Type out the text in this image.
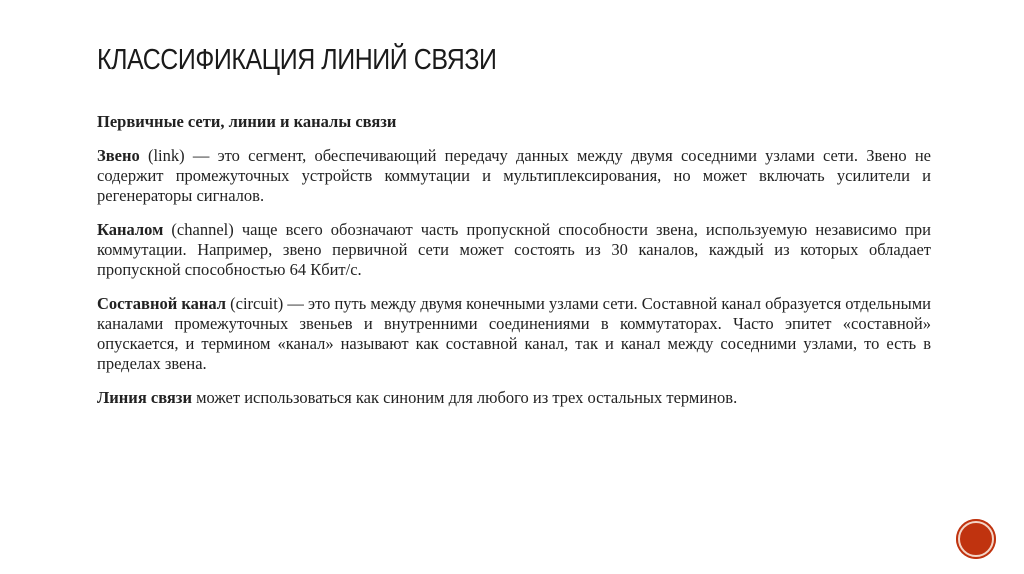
КЛАССИФИКАЦИЯ ЛИНИЙ СВЯЗИ

Первичные сети, линии и каналы связи

Звено (link) — это сегмент, обеспечивающий передачу данных между двумя соседними узлами сети. Звено не содержит промежуточных устройств коммутации и мультиплексирования, но может включать усилители и регенераторы сигналов.

Каналом (channel) чаще всего обозначают часть пропускной способности звена, используемую независимо при коммутации. Например, звено первичной сети может состоять из 30 каналов, каждый из которых обладает пропускной способностью 64 Кбит/с.

Составной канал (circuit) — это путь между двумя конечными узлами сети. Составной канал образуется отдельными каналами промежуточных звеньев и внутренними соединениями в коммутаторах. Часто эпитет «составной» опускается, и термином «канал» называют как составной канал, так и канал между соседними узлами, то есть в пределах звена.

Линия связи может использоваться как синоним для любого из трех остальных терминов.
